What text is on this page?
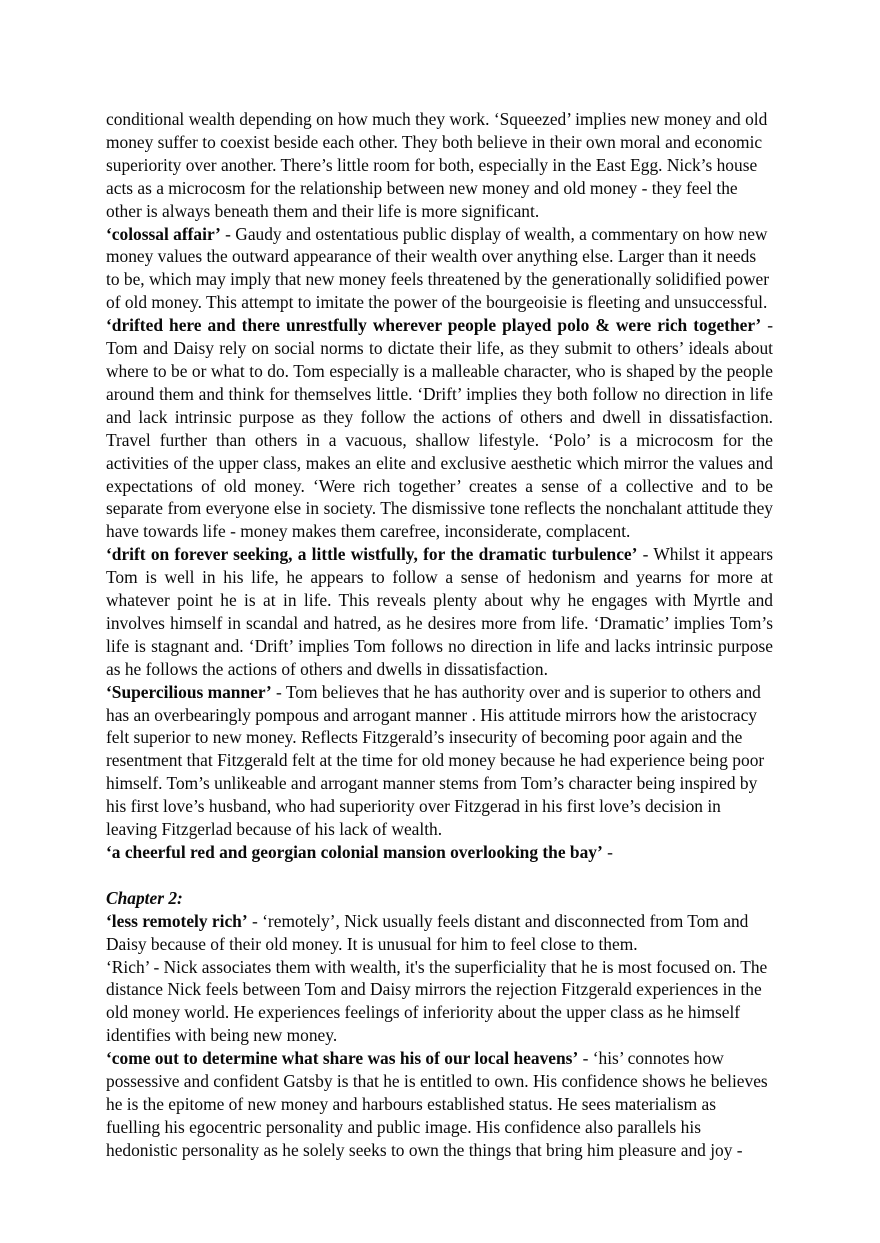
conditional wealth depending on how much they work. ‘Squeezed’ implies new money and old money suffer to coexist beside each other. They both believe in their own moral and economic superiority over another. There’s little room for both, especially in the East Egg. Nick’s house acts as a microcosm for the relationship between new money and old money - they feel the other is always beneath them and their life is more significant.

‘colossal affair’ - Gaudy and ostentatious public display of wealth, a commentary on how new money values the outward appearance of their wealth over anything else. Larger than it needs to be, which may imply that new money feels threatened by the generationally solidified power of old money. This attempt to imitate the power of the bourgeoisie is fleeting and unsuccessful.

‘drifted here and there unrestfully wherever people played polo & were rich together’ - Tom and Daisy rely on social norms to dictate their life, as they submit to others’ ideals about where to be or what to do. Tom especially is a malleable character, who is shaped by the people around them and think for themselves little. ‘Drift’ implies they both follow no direction in life and lack intrinsic purpose as they follow the actions of others and dwell in dissatisfaction. Travel further than others in a vacuous, shallow lifestyle. ‘Polo’ is a microcosm for the activities of the upper class, makes an elite and exclusive aesthetic which mirror the values and expectations of old money. ‘Were rich together’ creates a sense of a collective and to be separate from everyone else in society. The dismissive tone reflects the nonchalant attitude they have towards life - money makes them carefree, inconsiderate, complacent.

‘drift on forever seeking, a little wistfully, for the dramatic turbulence’ - Whilst it appears Tom is well in his life, he appears to follow a sense of hedonism and yearns for more at whatever point he is at in life. This reveals plenty about why he engages with Myrtle and involves himself in scandal and hatred, as he desires more from life. ‘Dramatic’ implies Tom’s life is stagnant and. ‘Drift’ implies Tom follows no direction in life and lacks intrinsic purpose as he follows the actions of others and dwells in dissatisfaction.

‘Supercilious manner’ - Tom believes that he has authority over and is superior to others and has an overbearingly pompous and arrogant manner . His attitude mirrors how the aristocracy felt superior to new money. Reflects Fitzgerald’s insecurity of becoming poor again and the resentment that Fitzgerald felt at the time for old money because he had experience being poor himself. Tom’s unlikeable and arrogant manner stems from Tom’s character being inspired by his first love’s husband, who had superiority over Fitzgerad in his first love’s decision in leaving Fitzgerlad because of his lack of wealth.

‘a cheerful red and georgian colonial mansion overlooking the bay’ -

Chapter 2:

‘less remotely rich’ - ‘remotely’, Nick usually feels distant and disconnected from Tom and Daisy because of their old money. It is unusual for him to feel close to them.

‘Rich’ - Nick associates them with wealth, it's the superficiality that he is most focused on. The distance Nick feels between Tom and Daisy mirrors the rejection Fitzgerald experiences in the old money world. He experiences feelings of inferiority about the upper class as he himself identifies with being new money.

‘come out to determine what share was his of our local heavens’ - ‘his’ connotes how possessive and confident Gatsby is that he is entitled to own. His confidence shows he believes he is the epitome of new money and harbours established status. He sees materialism as fuelling his egocentric personality and public image. His confidence also parallels his hedonistic personality as he solely seeks to own the things that bring him pleasure and joy -
